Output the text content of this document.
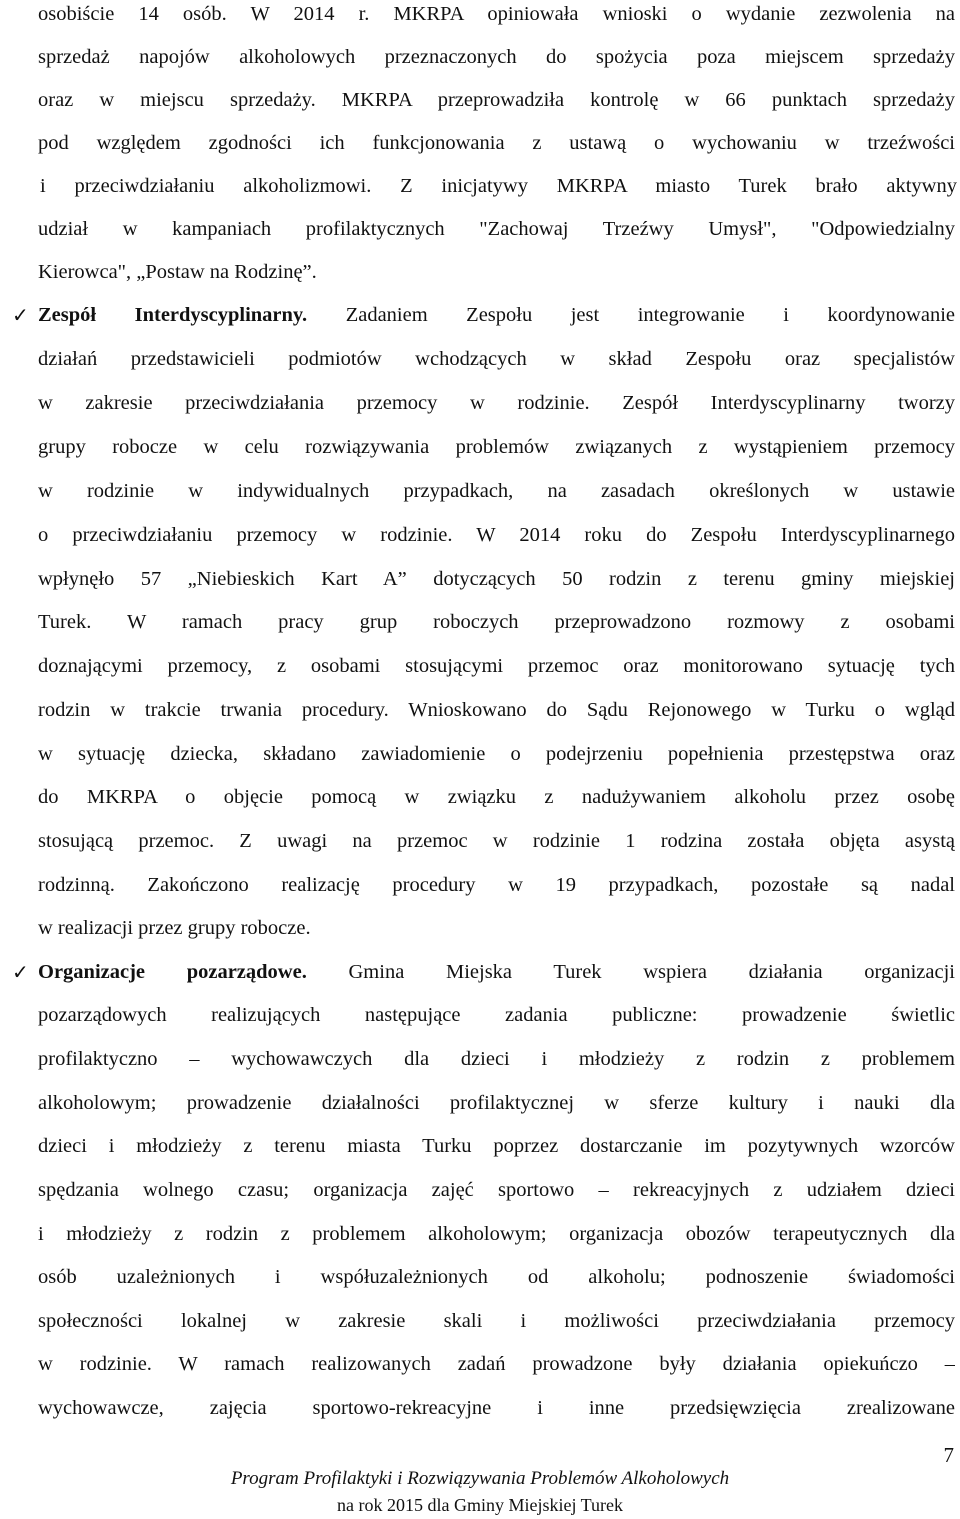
osobiście 14 osób. W 2014 r. MKRPA opiniowała wnioski o wydanie zezwolenia na
sprzedaż napojów alkoholowych przeznaczonych do spożycia poza miejscem sprzedaży
oraz w miejscu sprzedaży. MKRPA przeprowadziła kontrolę w 66 punktach sprzedaży
pod względem zgodności ich funkcjonowania z ustawą o wychowaniu w trzeźwości
i przeciwdziałaniu alkoholizmowi. Z inicjatywy MKRPA miasto Turek brało aktywny
udział w kampaniach profilaktycznych "Zachowaj Trzeźwy Umysł", "Odpowiedzialny
Kierowca", „Postaw na Rodzinę”.
✓ Zespół Interdyscyplinarny. Zadaniem Zespołu jest integrowanie i koordynowanie
działań przedstawicieli podmiotów wchodzących w skład Zespołu oraz specjalistów
w zakresie przeciwdziałania przemocy w rodzinie. Zespół Interdyscyplinarny tworzy
grupy robocze w celu rozwiązywania problemów związanych z wystąpieniem przemocy
w rodzinie w indywidualnych przypadkach, na zasadach określonych w ustawie
o przeciwdziałaniu przemocy w rodzinie. W 2014 roku do Zespołu Interdyscyplinarnego
wpłynęło 57 „Niebieskich Kart A” dotyczących 50 rodzin z terenu gminy miejskiej
Turek. W ramach pracy grup roboczych przeprowadzono rozmowy z osobami
doznającymi przemocy, z osobami stosującymi przemoc oraz monitorowano sytuację tych
rodzin w trakcie trwania procedury. Wnioskowano do Sądu Rejonowego w Turku o wgląd
w sytuację dziecka, składano zawiadomienie o podejrzeniu popełnienia przestępstwa oraz
do MKRPA o objęcie pomocą w związku z nadużywaniem alkoholu przez osobę
stosującą przemoc. Z uwagi na przemoc w rodzinie 1 rodzina została objęta asystą
rodzinną. Zakończono realizację procedury w 19 przypadkach, pozostałe są nadal
w realizacji przez grupy robocze.
✓ Organizacje pozarządowe. Gmina Miejska Turek wspiera działania organizacji
pozarządowych realizujących następujące zadania publiczne: prowadzenie świetlic
profilaktyczno – wychowawczych dla dzieci i młodzieży z rodzin z problemem
alkoholowym; prowadzenie działalności profilaktycznej w sferze kultury i nauki dla
dzieci i młodzieży z terenu miasta Turku poprzez dostarczanie im pozytywnych wzorców
spędzania wolnego czasu; organizacja zajęć sportowo – rekreacyjnych z udziałem dzieci
i młodzieży z rodzin z problemem alkoholowym; organizacja obozów terapeutycznych dla
osób uzależnionych i współuzależnionych od alkoholu; podnoszenie świadomości
społeczności lokalnej w zakresie skali i możliwości przeciwdziałania przemocy
w rodzinie. W ramach realizowanych zadań prowadzone były działania opiekuńczo –
wychowawcze, zajęcia sportowo-rekreacyjne i inne przedsięwzięcia zrealizowane
7
Program Profilaktyki i Rozwiązywania Problemów Alkoholowych
na rok 2015 dla Gminy Miejskiej Turek
